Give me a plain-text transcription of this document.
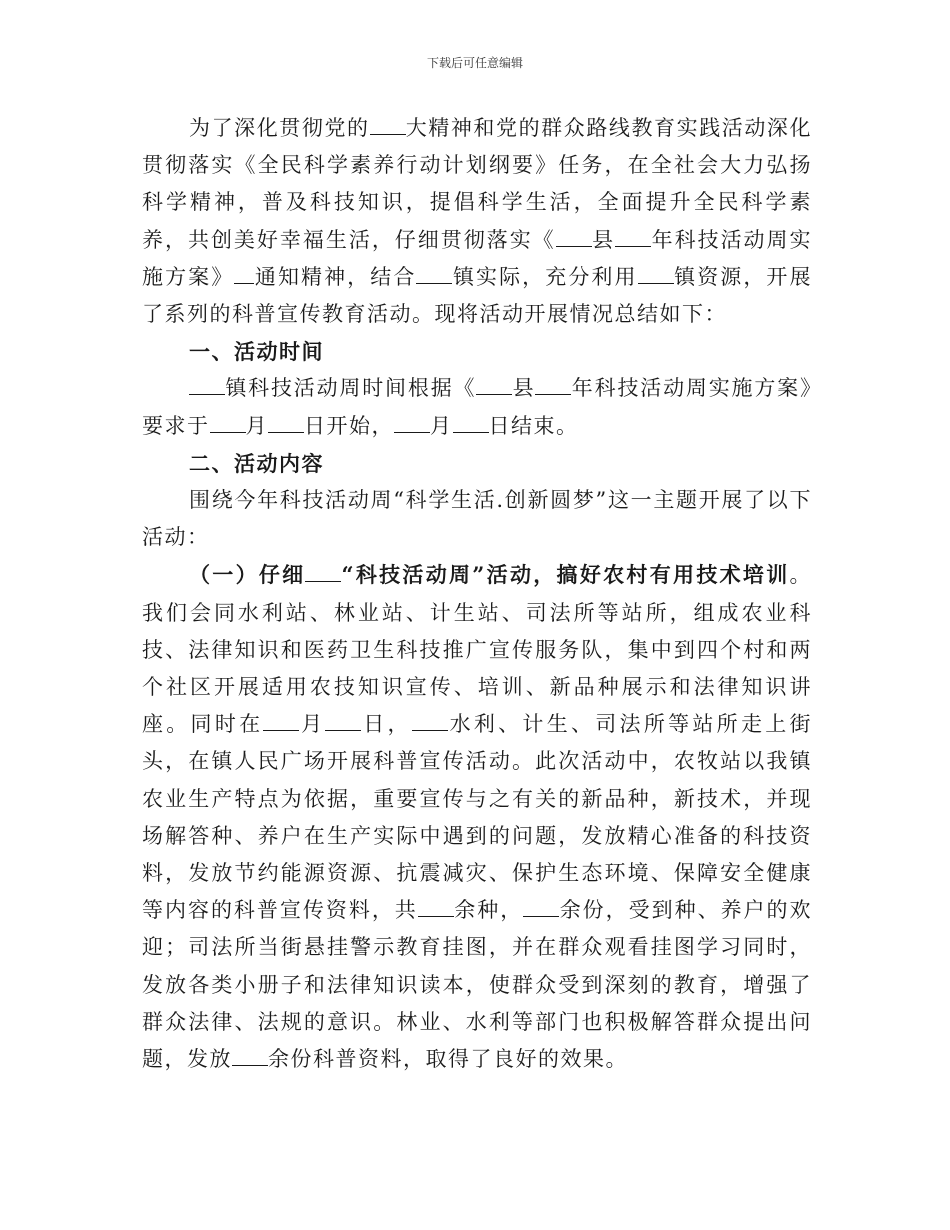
下载后可任意编辑

为了深化贯彻党的 大精神和党的群众路线教育实践活动深化贯彻落实《全民科学素养行动计划纲要》任务，在全社会大力弘扬科学精神，普及科技知识，提倡科学生活，全面提升全民科学素养，共创美好幸福生活，仔细贯彻落实《 县 年科技活动周实施方案》 通知精神，结合 镇实际，充分利用 镇资源，开展了系列的科普宣传教育活动。现将活动开展情况总结如下：

一、活动时间

镇科技活动周时间根据《 县 年科技活动周实施方案》要求于 月 日开始， 月 日结束。

二、活动内容

围绕今年科技活动周“科学生活.创新圆梦”这一主题开展了以下活动：

（一）仔细 “科技活动周”活动，搞好农村有用技术培训。我们会同水利站、林业站、计生站、司法所等站所，组成农业科技、法律知识和医药卫生科技推广宣传服务队，集中到四个村和两个社区开展适用农技知识宣传、培训、新品种展示和法律知识讲座。同时在 月 日， 水利、计生、司法所等站所走上街头，在镇人民广场开展科普宣传活动。此次活动中，农牧站以我镇农业生产特点为依据，重要宣传与之有关的新品种，新技术，并现场解答种、养户在生产实际中遇到的问题，发放精心准备的科技资料，发放节约能源资源、抗震减灾、保护生态环境、保障安全健康等内容的科普宣传资料，共 余种， 余份，受到种、养户的欢迎；司法所当街悬挂警示教育挂图，并在群众观看挂图学习同时，发放各类小册子和法律知识读本，使群众受到深刻的教育，增强了群众法律、法规的意识。林业、水利等部门也积极解答群众提出问题，发放 余份科普资料，取得了良好的效果。
